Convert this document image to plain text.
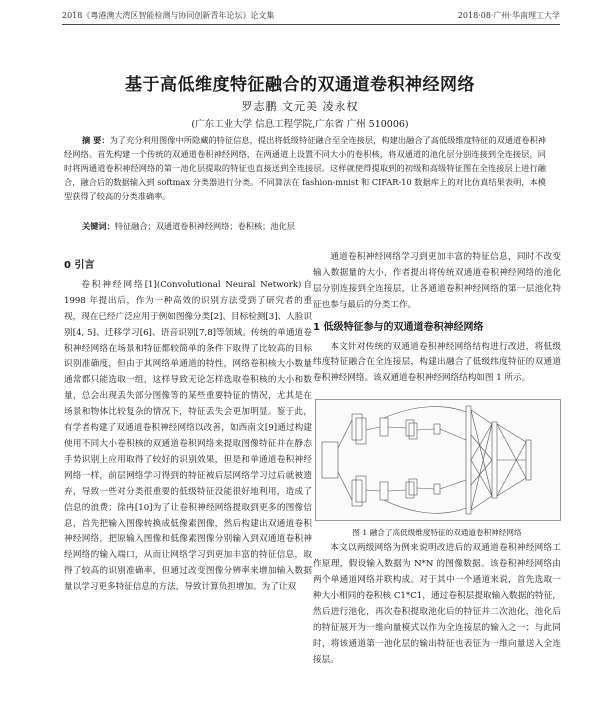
2018《粤港澳大湾区智能检测与协同创新青年论坛》论文集	2018·08·广州·华南理工大学
基于高低维度特征融合的双通道卷积神经网络
罗志鹏 文元美 凌永权
(广东工业大学 信息工程学院,广东省 广州 510006)
摘 要：为了充分利用图像中所隐藏的特征信息，提出将低级特征融合至全连接层，构建出融合了高低级维度特征的双通道卷积神经网络。首先构建一个传统的双通道卷积神经网络，在两通道上设置不同大小的卷积核，将双通道的池化层分别连接到全连接层，同时将两通道卷积神经网络的第一池化层提取的特征也直接送到全连接层。这样就使得提取到的初级和高级特征图在全连接层上进行融合，融合后的数据输入到 softmax 分类器进行分类。不同算法在 fashion-mnist 和 CIFAR-10 数据库上的对比仿真结果表明，本模型获得了较高的分类准确率。
关键词：特征融合；双通道卷积神经网络；卷积核；池化层
0 引言

卷积神经网络[1](Convolutional Neural Network)自 1998 年提出后，作为一种高效的识别方法受到了研究者的重视，现在已经广泛应用于例如图像分类[2]、目标检测[3]、人脸识别[4, 5]、迁移学习[6]、语音识别[7,8]等领域。传统的单通道卷积神经网络在场景和特征都较简单的条件下取得了比较高的目标识别准确度，但由于其网络单通道的特性，网络卷积核大小数量通常都只能选取一组，这样导致无论怎样选取卷积核的大小和数量，总会出现丢失部分图像等的某些重要特征的情况，尤其是在场景和物体比较复杂的情况下，特征丢失会更加明显。鉴于此，有学者构建了双通道卷积神经网络以改善，如西南文[9]通过构建使用不同大小卷积核的双通道卷积网络来提取图像特征并在静态手势识别上应用取得了较好的识别效果，但是和单通道卷积神经网络一样，前层网络学习得到的特征被后层网络学习过后就被遗弃，导致一些对分类很重要的低级特征没能很好地利用，造成了信息的浪费；徐冉[10]为了让卷积神经网络提取到更多的图像信息，首先把输入图像转换成低像素图像，然后构建出双通道卷积神经网络，把原输入图像和低像素图像分别输入到双通道卷积神经网络的输入端口，从而让网络学习到更加丰富的特征信息，取得了较高的识别准确率，但通过改变图像分辨率来增加输入数据量以学习更多特征信息的方法，导致计算负担增加。为了让双

通道卷积神经网络学习到更加丰富的特征信息，同时不改变输入数据量的大小，作者提出将传统双通道卷积神经网络的池化层分别连接到全连接层，让各通道卷积神经网络的第一层池化特征也参与最后的分类工作。

1 低级特征参与的双通道卷积神经网络

本文针对传统的双通道卷积神经网络结构进行改进，将低级纬度特征融合在全连接层，构建出融合了低级纬度特征的双通道卷积神经网络。该双通道卷积神经网络结构如图 1 所示。

图 1 融合了高低级维度特征的双通道卷积神经网络

本文以两级网络为例来说明改进后的双通道卷积神经网络工作原理，假设输入数据为 N*N 的图像数据。该卷积神经网络由两个单通道网络并联构成。对于其中一个通道来说，首先选取一种大小相同的卷积核 C1*C1，通过卷积层提取输入数据的特征，然后进行池化，再次卷积提取池化后的特征并二次池化，池化后的特征展开为一维向量模式以作为全连接层的输入之一；与此同时，将该通道第一池化层的输出特征也表征为一维向量送入全连接层。
